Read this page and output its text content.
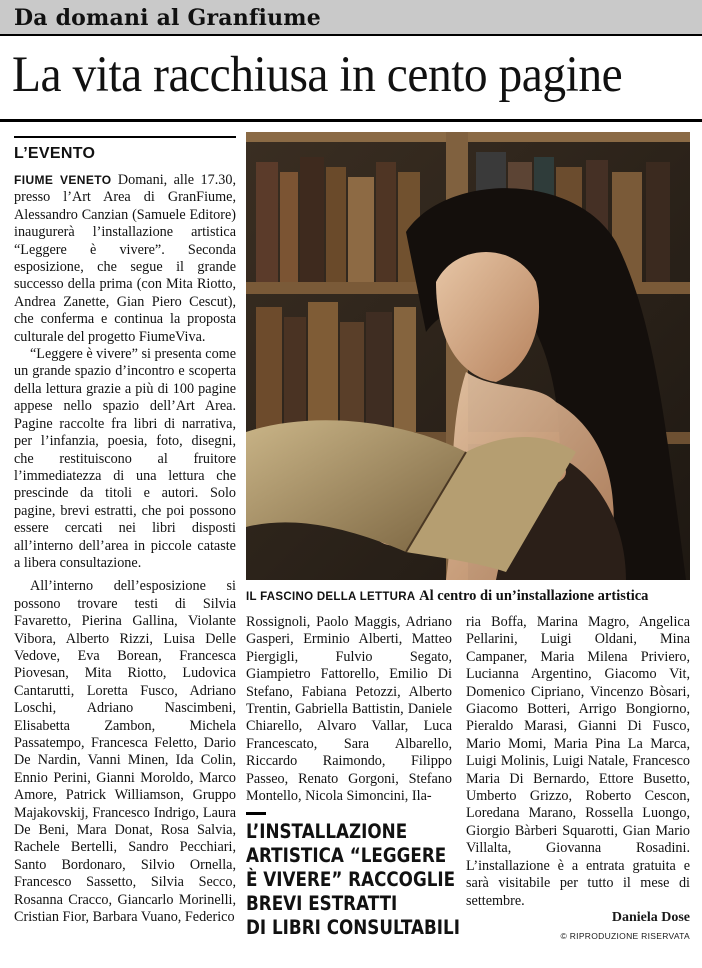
Da domani al Granfiume
La vita racchiusa in cento pagine
L’EVENTO

FIUME VENETO Domani, alle 17.30, presso l’Art Area di GranFiume, Alessandro Canzian (Samuele Editore) inaugurerà l’installazione artistica “Leggere è vivere”. Seconda esposizione, che segue il grande successo della prima (con Mita Riotto, Andrea Zanette, Gian Piero Cescut), che conferma e continua la proposta culturale del progetto FiumeViva.

“Leggere è vivere” si presenta come un grande spazio d’incontro e scoperta della lettura grazie a più di 100 pagine appese nello spazio dell’Art Area. Pagine raccolte fra libri di narrativa, per l’infanzia, poesia, foto, disegni, che restituiscono al fruitore l’immediatezza di una lettura che prescinde da titoli e autori. Solo pagine, brevi estratti, che poi possono essere cercati nei libri disposti all’interno dell’area in piccole cataste a libera consultazione.

All’interno dell’esposizione si possono trovare testi di Silvia Favaretto, Pierina Gallina, Violante Vibora, Alberto Rizzi, Luisa Delle Vedove, Eva Borean, Francesca Piovesan, Mita Riotto, Ludovica Cantarutti, Loretta Fusco, Adriano Loschi, Adriano Nascimbeni, Elisabetta Zambon, Michela Passatempo, Francesca Feletto, Dario De Nardin, Vanni Minen, Ida Colin, Ennio Perini, Gianni Moroldo, Marco Amore, Patrick Williamson, Gruppo Majakovskij, Francesco Indrigo, Laura De Beni, Mara Donat, Rosa Salvia, Rachele Bertelli, Sandro Pecchiari, Santo Bordonaro, Silvio Ornella, Francesco Sassetto, Silvia Secco, Rosanna Cracco, Giancarlo Morinelli, Cristian Fior, Barbara Vuano, Federico

IL FASCINO DELLA LETTURA Al centro di un’installazione artistica

Rossignoli, Paolo Maggis, Adriano Gasperi, Erminio Alberti, Matteo Piergigli, Fulvio Segato, Giampietro Fattorello, Emilio Di Stefano, Fabiana Petozzi, Alberto Trentin, Gabriella Battistin, Daniele Chiarello, Alvaro Vallar, Luca Francescato, Sara Albarello, Riccardo Raimondo, Filippo Passeo, Renato Gorgoni, Stefano Montello, Nicola Simoncini, Ila-

L’INSTALLAZIONE
ARTISTICA “LEGGERE
È VIVERE” RACCOGLIE
BREVI ESTRATTI
DI LIBRI CONSULTABILI

ria Boffa, Marina Magro, Angelica Pellarini, Luigi Oldani, Mina Campaner, Maria Milena Priviero, Lucianna Argentino, Giacomo Vit, Domenico Cipriano, Vincenzo Bòsari, Giacomo Botteri, Arrigo Bongiorno, Pieraldo Marasi, Gianni Di Fusco, Mario Momi, Maria Pina La Marca, Luigi Molinis, Luigi Natale, Francesco Maria Di Bernardo, Ettore Busetto, Umberto Grizzo, Roberto Cescon, Loredana Marano, Rossella Luongo, Giorgio Bàrberi Squarotti, Gian Mario Villalta, Giovanna Rosadini. L’installazione è a entrata gratuita e sarà visitabile per tutto il mese di settembre.

Daniela Dose
© RIPRODUZIONE RISERVATA
